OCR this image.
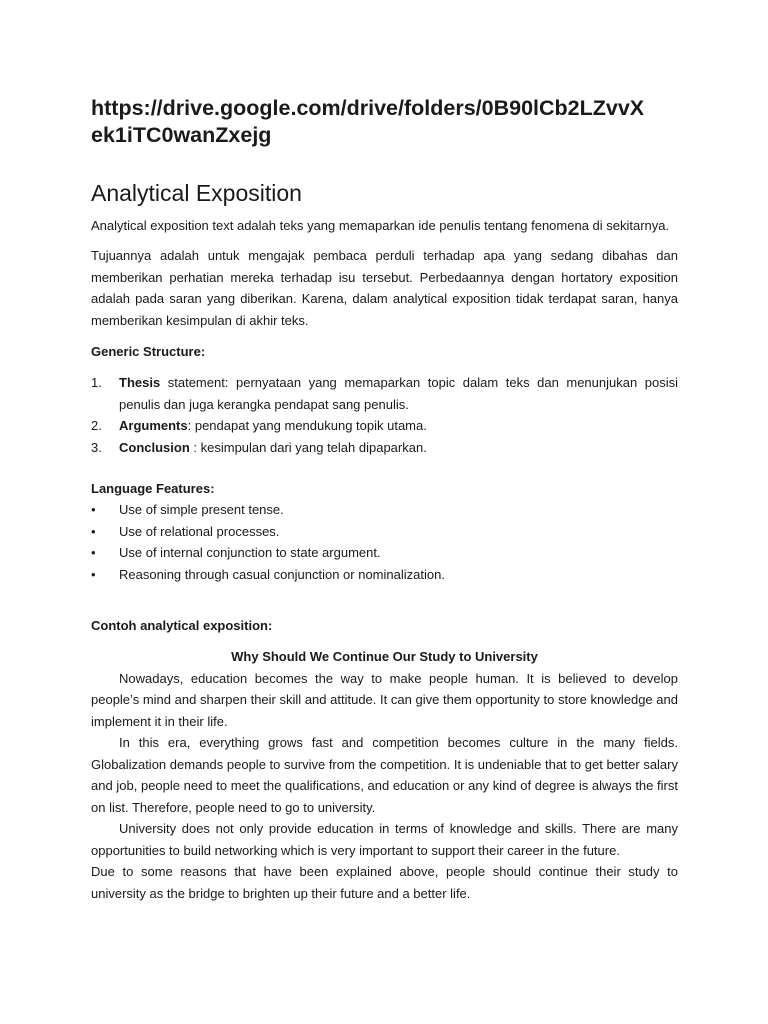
https://drive.google.com/drive/folders/0B90lCb2LZvvX
ek1iTC0wanZxejg
Analytical Exposition
Analytical exposition text adalah teks yang memaparkan ide penulis tentang fenomena di sekitarnya.
Tujuannya adalah untuk mengajak pembaca perduli terhadap apa yang sedang dibahas dan memberikan perhatian mereka terhadap isu tersebut. Perbedaannya dengan hortatory exposition adalah pada saran yang diberikan. Karena, dalam analytical exposition tidak terdapat saran, hanya memberikan kesimpulan di akhir teks.
Generic Structure:
1.	Thesis statement: pernyataan yang memaparkan topic dalam teks dan menunjukan posisi penulis dan juga kerangka pendapat sang penulis.
2.	Arguments: pendapat yang mendukung topik utama.
3.	Conclusion : kesimpulan dari yang telah dipaparkan.
Language Features:
•	Use of simple present tense.
•	Use of relational processes.
•	Use of internal conjunction to state argument.
•	Reasoning through casual conjunction or nominalization.
Contoh analytical exposition:
Why Should We Continue Our Study to University
Nowadays, education becomes the way to make people human. It is believed to develop people’s mind and sharpen their skill and attitude. It can give them opportunity to store knowledge and implement it in their life.
In this era, everything grows fast and competition becomes culture in the many fields. Globalization demands people to survive from the competition. It is undeniable that to get better salary and job, people need to meet the qualifications, and education or any kind of degree is always the first on list. Therefore, people need to go to university.
University does not only provide education in terms of knowledge and skills. There are many opportunities to build networking which is very important to support their career in the future.
Due to some reasons that have been explained above, people should continue their study to university as the bridge to brighten up their future and a better life.
